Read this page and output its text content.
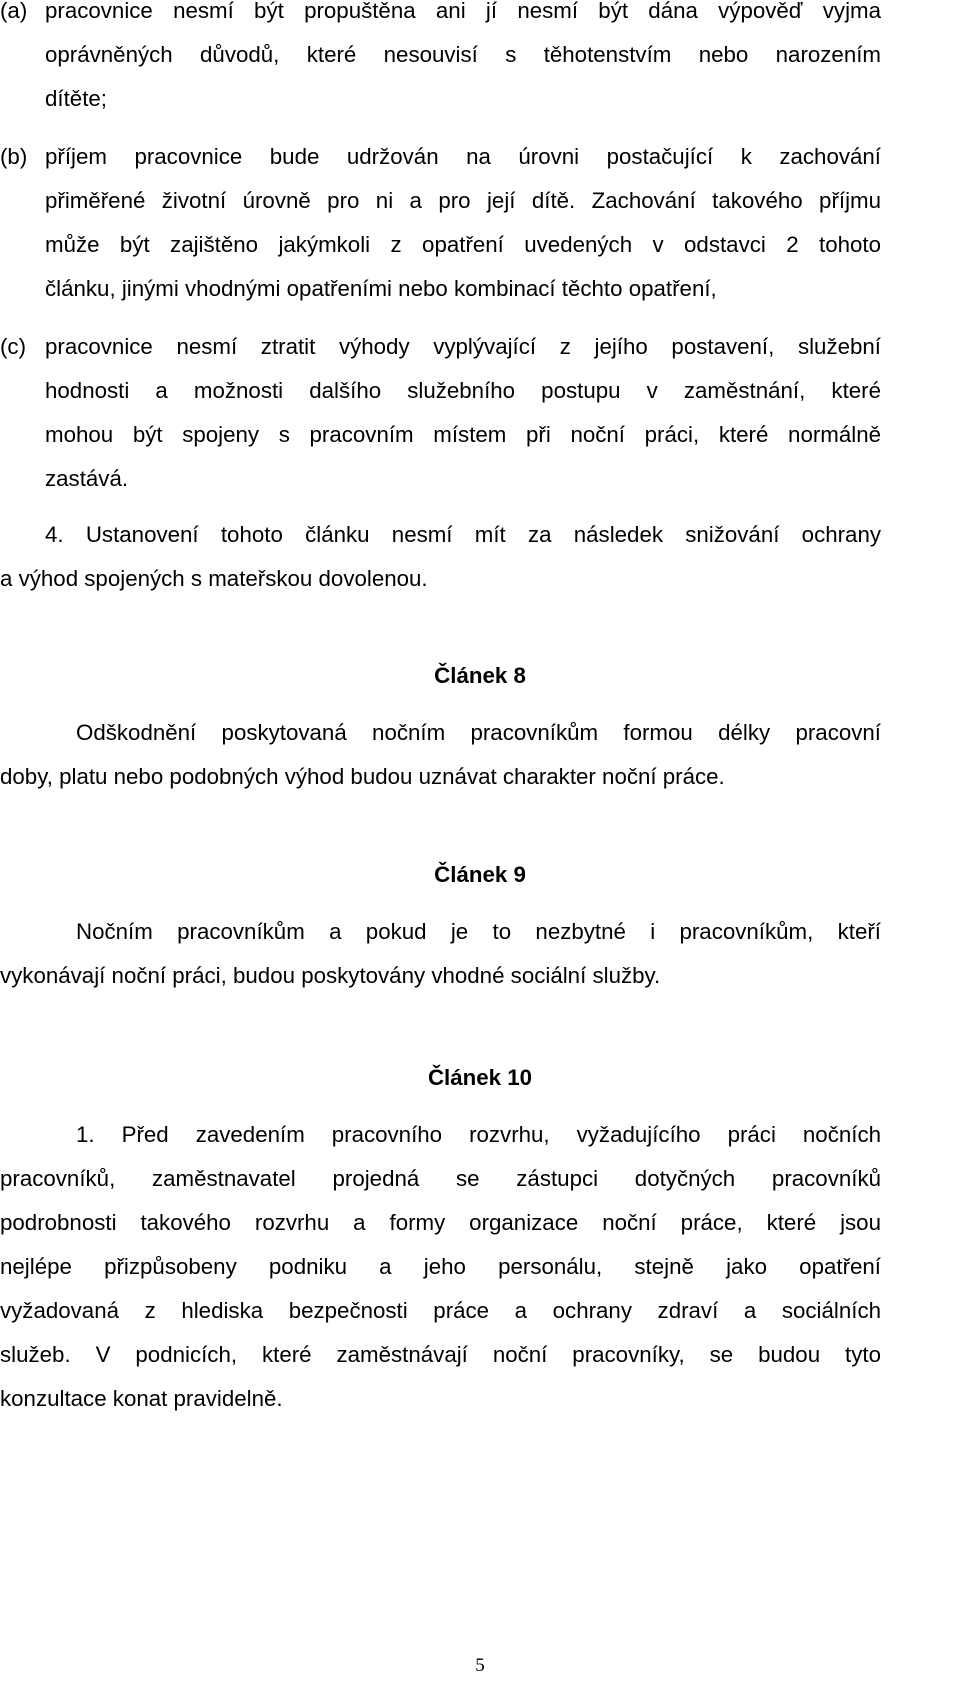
(a) pracovnice nesmí být propuštěna ani jí nesmí být dána výpověď vyjma
oprávněných důvodů, které nesouvisí s těhotenstvím nebo narozením
dítěte;
(b) příjem pracovnice bude udržován na úrovni postačující k zachování
přiměřené životní úrovně pro ni a pro její dítě. Zachování takového příjmu
může být zajištěno jakýmkoli z opatření uvedených v odstavci 2 tohoto
článku, jinými vhodnými opatřeními nebo kombinací těchto opatření,
(c) pracovnice nesmí ztratit výhody vyplývající z jejího postavení, služební
hodnosti a možnosti dalšího služebního postupu v zaměstnání, které
mohou být spojeny s pracovním místem při noční práci, které normálně
zastává.
4. Ustanovení tohoto článku nesmí mít za následek snižování ochrany
a výhod spojených s mateřskou dovolenou.
Článek 8
Odškodnění poskytovaná nočním pracovníkům formou délky pracovní
doby, platu nebo podobných výhod budou uznávat charakter noční práce.
Článek 9
Nočním pracovníkům a pokud je to nezbytné i pracovníkům, kteří
vykonávají noční práci, budou poskytovány vhodné sociální služby.
Článek 10
1. Před zavedením pracovního rozvrhu, vyžadujícího práci nočních
pracovníků, zaměstnavatel projedná se zástupci dotyčných pracovníků
podrobnosti takového rozvrhu a formy organizace noční práce, které jsou
nejlépe přizpůsobeny podniku a jeho personálu, stejně jako opatření
vyžadovaná z hlediska bezpečnosti práce a ochrany zdraví a sociálních
služeb. V podnicích, které zaměstnávají noční pracovníky, se budou tyto
konzultace konat pravidelně.
5
